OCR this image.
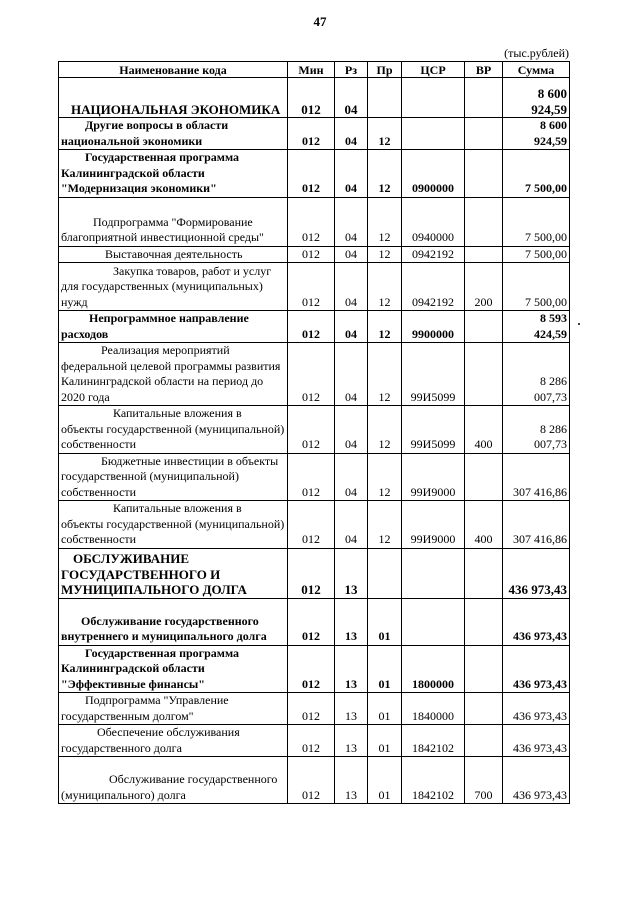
47
(тыс.рублей)
Наименование кода	Мин	Рз	Пр	ЦСР	ВР	Сумма
НАЦИОНАЛЬНАЯ ЭКОНОМИКА	012	04				8 600 924,59
Другие вопросы в области национальной экономики	012	04	12			8 600 924,59
Государственная программа Калининградской области "Модернизация экономики"	012	04	12	0900000		7 500,00
Подпрограмма "Формирование благоприятной инвестиционной среды"	012	04	12	0940000		7 500,00
Выставочная деятельность	012	04	12	0942192		7 500,00
Закупка товаров, работ и услуг для государственных (муниципальных) нужд	012	04	12	0942192	200	7 500,00
Непрограммное направление расходов	012	04	12	9900000		8 593 424,59
Реализация мероприятий федеральной целевой программы развития Калининградской области на период до 2020 года	012	04	12	99И5099		8 286 007,73
Капитальные вложения в объекты государственной (муниципальной) собственности	012	04	12	99И5099	400	8 286 007,73
Бюджетные инвестиции в объекты государственной (муниципальной) собственности	012	04	12	99И9000		307 416,86
Капитальные вложения в объекты государственной (муниципальной) собственности	012	04	12	99И9000	400	307 416,86
ОБСЛУЖИВАНИЕ ГОСУДАРСТВЕННОГО И МУНИЦИПАЛЬНОГО ДОЛГА	012	13				436 973,43
Обслуживание государственного внутреннего и муниципального долга	012	13	01			436 973,43
Государственная программа Калининградской области "Эффективные финансы"	012	13	01	1800000		436 973,43
Подпрограмма "Управление государственным долгом"	012	13	01	1840000		436 973,43
Обеспечение обслуживания государственного долга	012	13	01	1842102		436 973,43
Обслуживание государственного (муниципального) долга	012	13	01	1842102	700	436 973,43
